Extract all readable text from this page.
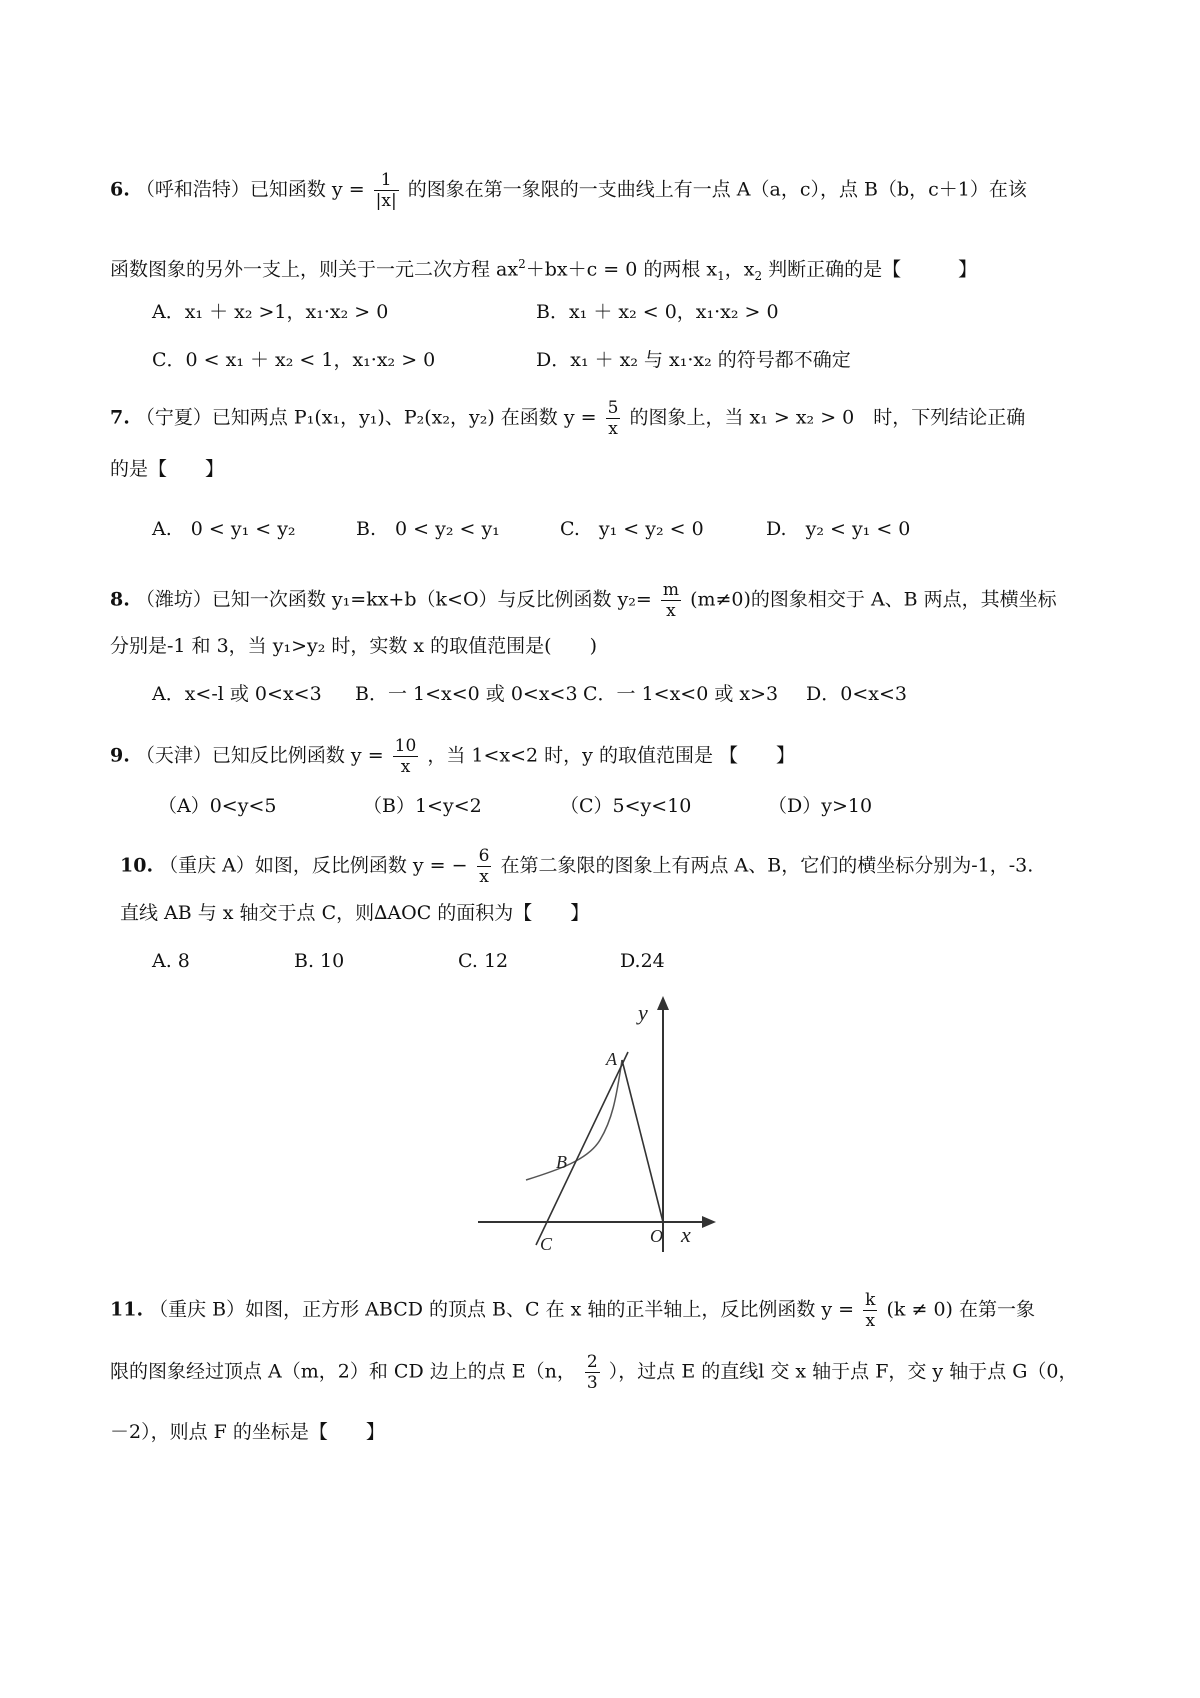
6. （呼和浩特）已知函数 $y = \frac{1}{|x|}$ 的图象在第一象限的一支曲线上有一点 A（a，c），点 B（b，c＋1）在该
函数图象的另外一支上，则关于一元二次方程 $ax^2+bx+c = 0$ 的两根 $x_1$，$x_2$ 判断正确的是【　　　】
A．x₁ ＋ x₂ >1，x₁·x₂ > 0	B．x₁ ＋ x₂ < 0，x₁·x₂ > 0
C．0 < x₁ ＋ x₂ < 1，x₁·x₂ > 0	D．x₁ ＋ x₂ 与 x₁·x₂ 的符号都不确定
7. （宁夏）已知两点 P₁(x₁，y₁)、P₂(x₂，y₂) 在函数 $y = \frac{5}{x}$ 的图象上，当 x₁ > x₂ > 0　时，下列结论正确
的是【　　】
A.　0 < y₁ < y₂	B.　0 < y₂ < y₁	C.　y₁ < y₂ < 0	D.　y₂ < y₁ < 0
8. （潍坊）已知一次函数 y₁=kx+b（k<O）与反比例函数 $y_2= \frac{m}{x} (m\ne 0)$的图象相交于 A、B 两点，其横坐标
分别是-1 和 3，当 y₁>y₂ 时，实数 x 的取值范围是(　　)
A．x<-l 或 0<x<3 B．一 1<x<0 或 0<x<3 C．一 1<x<0 或 x>3 D．0<x<3
9. （天津）已知反比例函数 $y = \frac{10}{x}$ ，当 1<x<2 时，y 的取值范围是 【　　】
（A）0<y<5	（B）1<y<2	（C）5<y<10	（D）y>10
10. （重庆 A）如图，反比例函数 y = − $\frac{6}{x}$ 在第二象限的图象上有两点 A、B，它们的横坐标分别为-1，-3.
直线 AB 与 x 轴交于点 C，则∆AOC 的面积为【　　】
A. 8	B. 10	C. 12	D.24
y
A
B
C	O x
11. （重庆 B）如图，正方形 ABCD 的顶点 B、C 在 x 轴的正半轴上，反比例函数 $y = \frac{k}{x} (k \ne 0)$ 在第一象
限的图象经过顶点 A（m，2）和 CD 边上的点 E（n， $\frac{2}{3}$ ），过点 E 的直线l 交 x 轴于点 F，交 y 轴于点 G（0，
－2），则点 F 的坐标是【　　】
